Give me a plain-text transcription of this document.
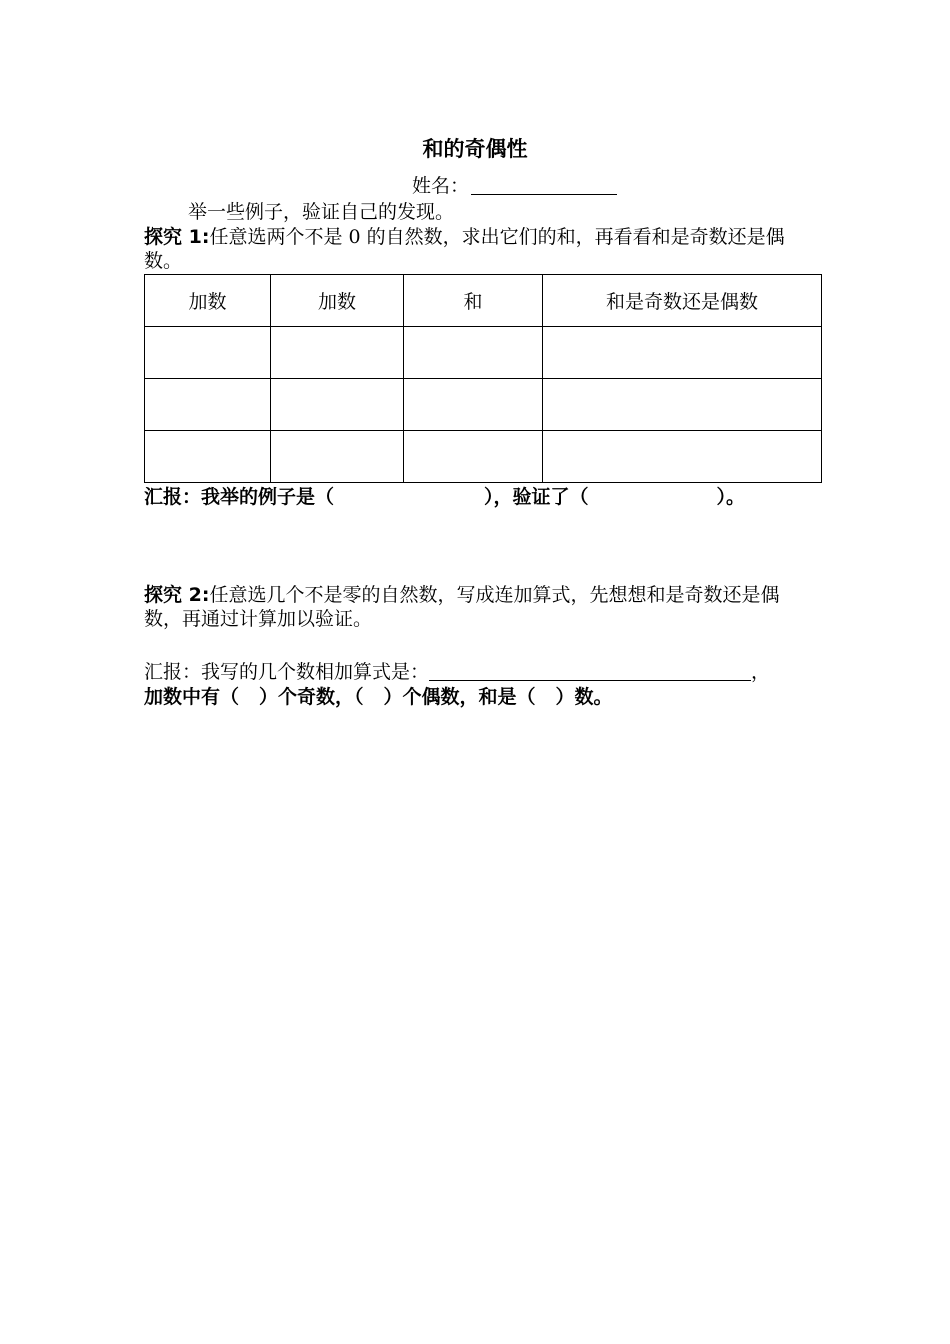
和的奇偶性
姓名：
举一些例子，验证自己的发现。
探究 1:任意选两个不是 0 的自然数，求出它们的和，再看看和是奇数还是偶数。
加数	加数	和	和是奇数还是偶数

汇报：我举的例子是（	），验证了（	）。
探究 2:任意选几个不是零的自然数，写成连加算式，先想想和是奇数还是偶数，再通过计算加以验证。
汇报：我写的几个数相加算式是：	，
加数中有（ ）个奇数，（ ）个偶数，和是（ ）数。
